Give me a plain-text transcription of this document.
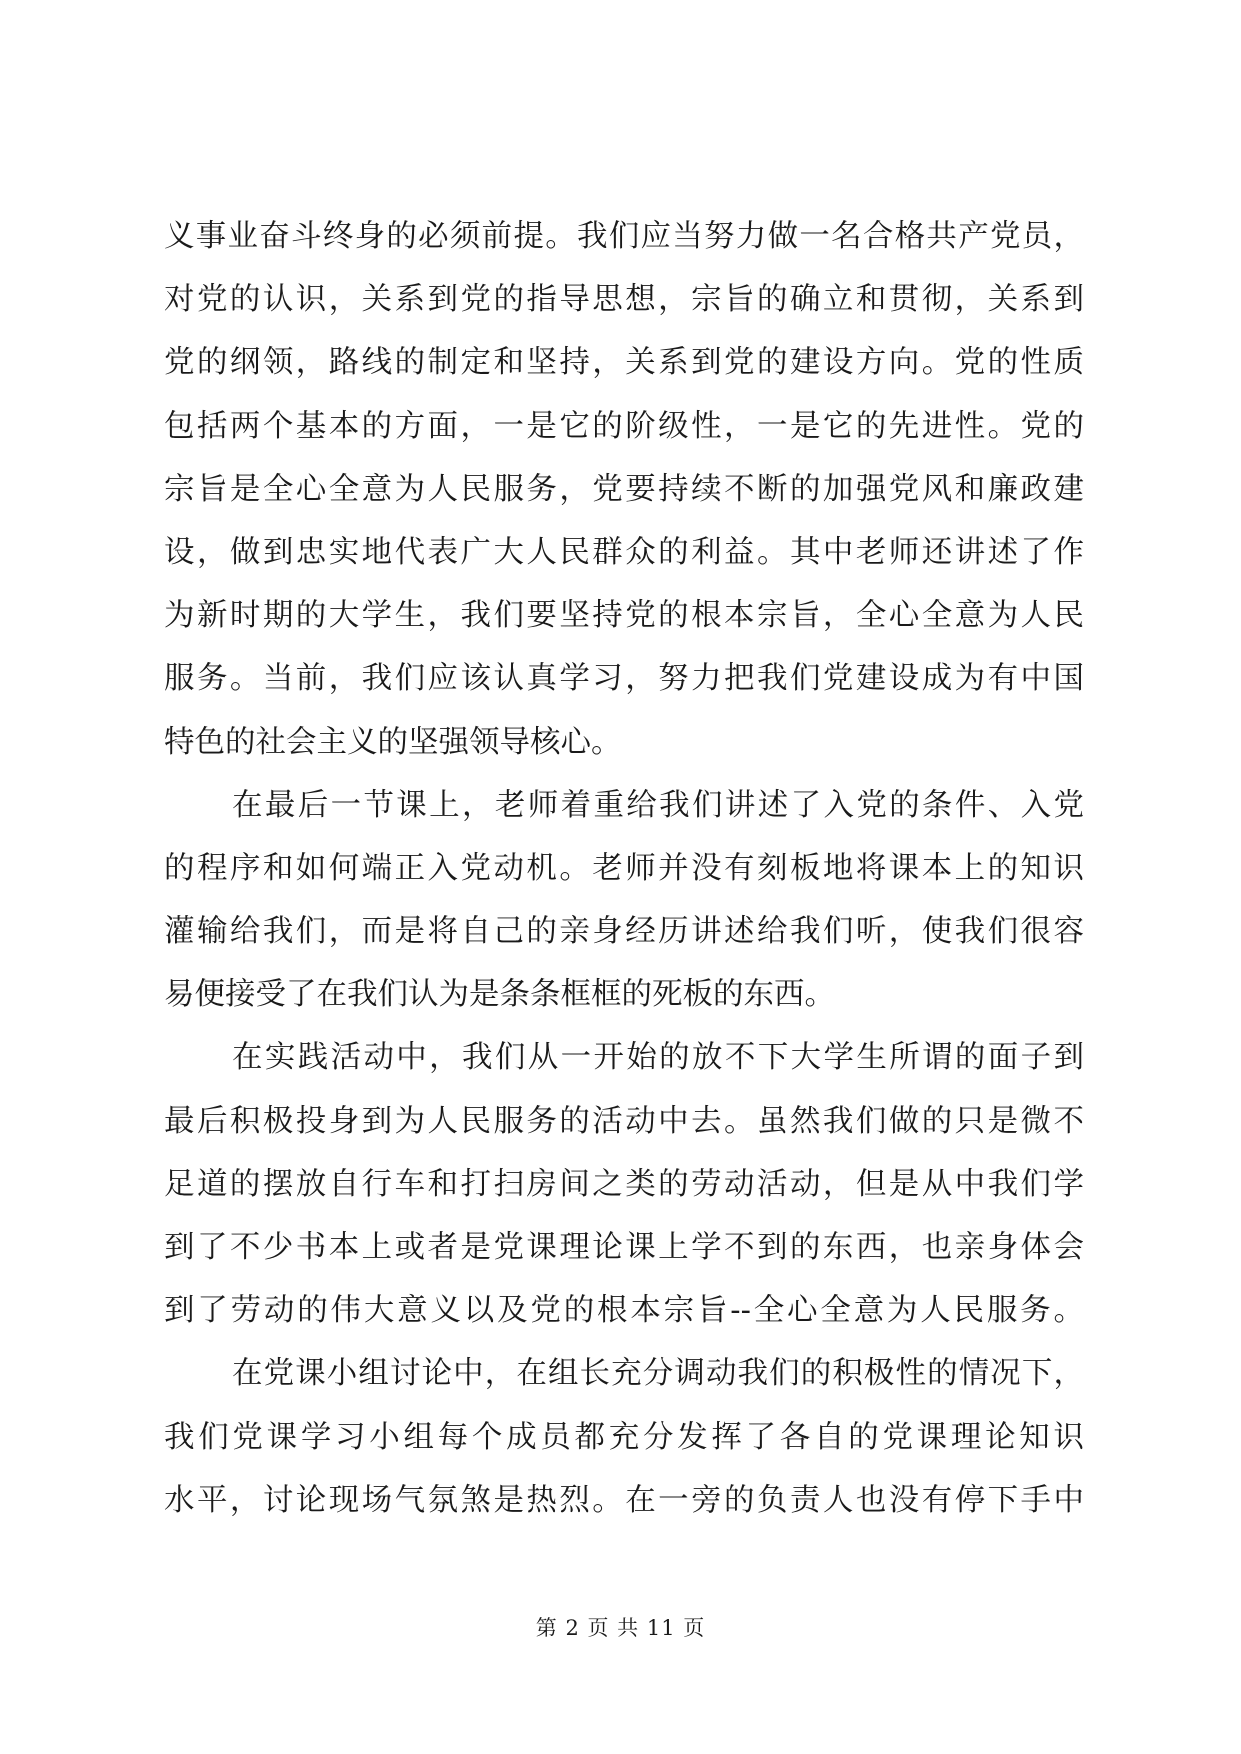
义事业奋斗终身的必须前提。我们应当努力做一名合格共产党员，
对党的认识，关系到党的指导思想，宗旨的确立和贯彻，关系到
党的纲领，路线的制定和坚持，关系到党的建设方向。党的性质
包括两个基本的方面，一是它的阶级性，一是它的先进性。党的
宗旨是全心全意为人民服务，党要持续不断的加强党风和廉政建
设，做到忠实地代表广大人民群众的利益。其中老师还讲述了作
为新时期的大学生，我们要坚持党的根本宗旨，全心全意为人民
服务。当前，我们应该认真学习，努力把我们党建设成为有中国
特色的社会主义的坚强领导核心。
在最后一节课上，老师着重给我们讲述了入党的条件、入党
的程序和如何端正入党动机。老师并没有刻板地将课本上的知识
灌输给我们，而是将自己的亲身经历讲述给我们听，使我们很容
易便接受了在我们认为是条条框框的死板的东西。
在实践活动中，我们从一开始的放不下大学生所谓的面子到
最后积极投身到为人民服务的活动中去。虽然我们做的只是微不
足道的摆放自行车和打扫房间之类的劳动活动，但是从中我们学
到了不少书本上或者是党课理论课上学不到的东西，也亲身体会
到了劳动的伟大意义以及党的根本宗旨--全心全意为人民服务。
在党课小组讨论中，在组长充分调动我们的积极性的情况下，
我们党课学习小组每个成员都充分发挥了各自的党课理论知识
水平，讨论现场气氛煞是热烈。在一旁的负责人也没有停下手中
第 2 页 共 11 页
